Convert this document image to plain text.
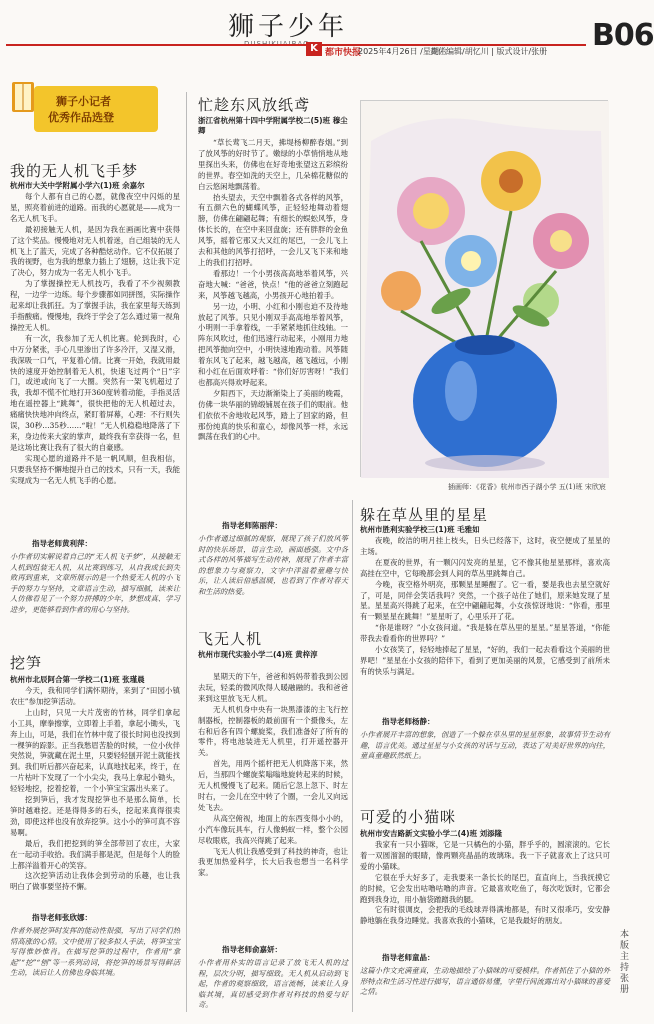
狮子少年
K 都市快报
2025年4月26日 /星期六
责任编辑/胡忆川 | 版式设计/张册 B06
狮子小记者
优秀作品选登
我的无人机飞手梦
杭州市大关中学附属小学六(1)班 余嘉尔
每个人都有自己的心愿，就像夜空中闪烁的星星，照亮着前进的道路。而我的心愿就是——成为一名无人机飞手。
最初接触无人机，是因为我在画画比赛中获得了这个奖品。慢慢地对无人机着迷，自己组装的无人机飞上了蓝天，完成了各种酷炫动作。它不仅拓展了我的视野，也为我的想象力插上了翅膀，这让我下定了决心，努力成为一名无人机小飞手。
为了掌握操控无人机技巧，我看了不少视频教程，一边学一边练。每个步骤都如同拼图，实际操作起来却让我抓狂。为了掌握手法，我在家里每天练到手指酸痛。慢慢地，我终于学会了怎么通过第一视角操控无人机。
有一次，我参加了无人机比赛。轮到我时，心中万分紧张，手心几里渗出了许多冷汗，又湿又滑，我深吸一口气，平复着心情。比赛一开始，我就用最快的速度开始控制着无人机，快速飞过两个“日”字门，或逆或向飞了一大圈。突然有一架飞机超过了我，我却不慌不忙地打开360度转着动能，手指灵活地在遥控器上“跳舞”，很快把他的无人机超过去，痛痛快快地冲向终点，紧盯着屏幕，心理：不行则失误，30秒…35秒……“啦！”无人机稳稳地降落了下来，身边传来大家的掌声，最终我有幸获得一名，但是这场比赛让我有了很大的自豪感。
实现心愿的道路并不是一帆风顺，但我相信，只要我坚持不懈地提升自己的技术，只有一天，我能实现成为一名无人机飞手的心愿。
指导老师黄利萍：
小作者切实解说着自己的“无人机飞手梦”，从接触无人机到组装无人机，从比赛到练习，从自我成长到失败再到重来，文章所展示的是一个热爱无人机的小飞手的努力与坚持，文章语言生动，描写细腻，读来让人仿佛看见了一个努力拼搏的少年，梦想成真、学习进步，更能够看到作者的用心与坚持。
挖笋
杭州市北辰阿合第一学校二(1)班 张瑾晨
今天，我和同学们满怀期待，来到了“田园小镇农庄”参加挖笋活动。
上山时，只见一大片茂密的竹林，同学们拿起小工具，摩拳擦掌，立即着上手着，拿起小锄头，飞奔上山，可是，我们在竹林中竟了很长时间也没找到一棵笋的踪影。正当我愁眉苦脸的时候，一位小伙伴突然说，笋就藏在泥土里，只要轻轻刨开泥土就能找到。我们听后都兴奋起来，认真地找起来，终于，在一片枯叶下发现了一个小尖尖，我马上拿起小锄头，轻轻地挖，挖着挖着，一个小笋宝宝露出头来了。
挖到笋后，我才发现挖笋也不是那么简单，长笋时越难挖。还是得得多的石头，挖起来真得很卖劲，即使这样也没有放弃挖笋。这小小的笋可真不容易啊。
最后，我们把挖到的笋全部带回了农庄，大家在一起动手收拾。我们满手都是泥，但是每个人的脸上都洋溢着开心的笑容。
这次挖笋活动让我体会到劳动的乐趣，也让我明白了做事要坚持不懈。
指导老师张欣娜：
作者外展挖笋时发挥的能动性很强，写出了同学们热情高涨的心情。文中使用了较多拟人手法，将笋宝宝写得惟妙惟肖。在描写挖笋的过程中，作者用“拿起”“挖”“刨”等一系列动词，将挖笋的场景写得鲜活生动，读后让人仿佛也身临其境。
忙趁东风放纸鸢
浙江省杭州第十四中学附属学校二(5)班 穆尘卿
“草长莺飞二月天，拂堤杨柳醉春烟。”到了放风筝的好时节了。嫩绿的小草悄悄地从地里探出头来，仿佛也在好奇地张望这五彩缤纷的世界。春空如洗的天空上，几朵棉花糖似的白云悠闲地飘荡着。
抬头望去，天空中飘着各式各样的风筝，有五颜六色的蝴蝶风筝，正轻轻地舞动着翅膀，仿佛在翩翩起舞；有细长的蜈蚣风筝，身体长长的，在空中来回盘旋；还有胖胖的金鱼风筝，摇着它那又大又红的尾巴，一会儿飞上去和其他的风筝打招呼，一会儿又飞下来和地上的我们打招呼。
看那边！一个小男孩高高地举着风筝，兴奋地大喊：“爸爸，快点！”他的爸爸立刻跑起来，风筝越飞越高，小男孩开心地拍着手。
另一边，小明、小红和小刚也迫不及待地放起了风筝。只见小刚双手高高地举着风筝，小明则一手拿着线，一手紧紧地抓住线轴。一阵东风吹过，他们迅速行动起来，小刚用力地把风筝抛向空中，小明快速地跑动着。风筝随着东风飞了起来，越飞越高，越飞越远，小刚和小红在后面欢呼着：“你们好厉害呀！”我们也都高兴得欢呼起来。
夕阳西下，天边渐渐染上了美丽的晚霞，仿佛一块华丽的锦缎铺展在孩子们的眼前。他们依依不舍地收起风筝，踏上了回家的路，但那份纯真的快乐和童心，却像风筝一样，永远飘荡在我们的心中。
指导老师陈丽萍：
小作者通过细腻的观察，展现了孩子们放风筝时的快乐场景，语言生动，画面感强。文中各式各样的风筝描写生动传神，展现了作者丰富的想象力与观察力，文字中洋溢着童趣与快乐，让人读后倍感温暖，也看到了作者对春天和生活的热爱。
飞无人机
杭州市现代实验小学二(4)班 黄梓淳
星期天的下午，爸爸和妈妈带着我到公园去玩，轻柔的微风吹得人暖融融的。我和爸爸来到这里放飞无人机。
无人机机身中央有一块黑漆漆的主飞行控制器板，控制器板的最前面有一个摄像头，左右和后各有四个螺旋桨，我们准备好了所有的零件，将电池装进无人机里，打开遥控器开关。
首先，用两个摇杆把无人机降落下来，然后，当那四个螺旋桨嗡嗡地旋转起来的时候，无人机慢慢飞了起来。随后它忽上忽下、时左时右，一会儿在空中转了个圈，一会儿又向远处飞去。
从高空俯视，地面上的东西变得小小的，小汽车像玩具车，行人像蚂蚁一样，整个公园尽收眼底，我高兴得跳了起来。
飞无人机让我感受到了科技的神奇，也让我更加热爱科学，长大后我也想当一名科学家。
指导老师俞嘉妍：
小作者用朴实的语言记录了放飞无人机的过程，层次分明，描写细致。无人机从启动到飞起，作者的观察细致，语言流畅，读来让人身临其境，真切感受到作者对科技的热爱与好奇。
插画师：《花香》杭州市西子湖小学 五(1)班 宋欣宸
躲在草丛里的星星
杭州市胜利实验学校三(1)班 毛雅如
夜晚，皎洁的明月挂上枝头，日头已经落下，这时，夜空便成了星星的主场。
在夏夜的世界，有一颗闪闪发亮的星星，它不像其他星星那样，喜欢高高挂在空中，它每晚都会到人间的草丛里跳舞自己。
今晚，夜空格外明亮，那颗星星睡醒了。它一看，要是我也去星空就好了，可是，同伴会笑话我吗？突然，一个孩子站住了她们，原来她发现了星星。星星高兴得跳了起来，在空中翩翩起舞，小女孩惊讶地说：“你看，那里有一颗星星在跳舞！”星星听了，心里乐开了花。
“你是谁呀？”小女孩问道。“我是躲在草丛里的星星。”星星答道，“你能带我去看看你的世界吗？”
小女孩笑了，轻轻地捧起了星星，“好的，我们一起去看看这个美丽的世界吧！”星星在小女孩的陪伴下，看到了更加美丽的风景，它感受到了前所未有的快乐与满足。
指导老师杨静：
小作者展开丰富的想象，创造了一个躲在草丛里的星星形象，故事情节生动有趣，语言优美。通过星星与小女孩的对话与互动，表达了对美好世界的向往，童真童趣跃然纸上。
可爱的小猫咪
杭州市安吉路新文实验小学二(4)班 刘添隆
我家有一只小猫咪，它是一只橘色的小猫，胖乎乎的，圆滚滚的。它长着一双圆溜溜的眼睛，像两颗亮晶晶的玻璃珠。我一下子就喜欢上了这只可爱的小猫咪。
它很在乎大好多了，走我要来一条长长的尾巴，直直向上，当我抚摸它的时候，它会发出咕噜咕噜的声音。它最喜欢吃鱼了，每次吃饭时，它都会跑到我身边，用小脑袋蹭蹭我的腿。
它有时很调皮，会把我的毛线球弄得满地都是，有时又很乖巧，安安静静地躺在我身边睡觉。我喜欢我的小猫咪，它是我最好的朋友。
指导老师童晶：
这篇小作文充满童真，生动地描绘了小猫咪的可爱模样。作者抓住了小猫的外形特点和生活习性进行描写，语言通俗易懂，字里行间流露出对小猫咪的喜爱之情。
本版主持 张册
